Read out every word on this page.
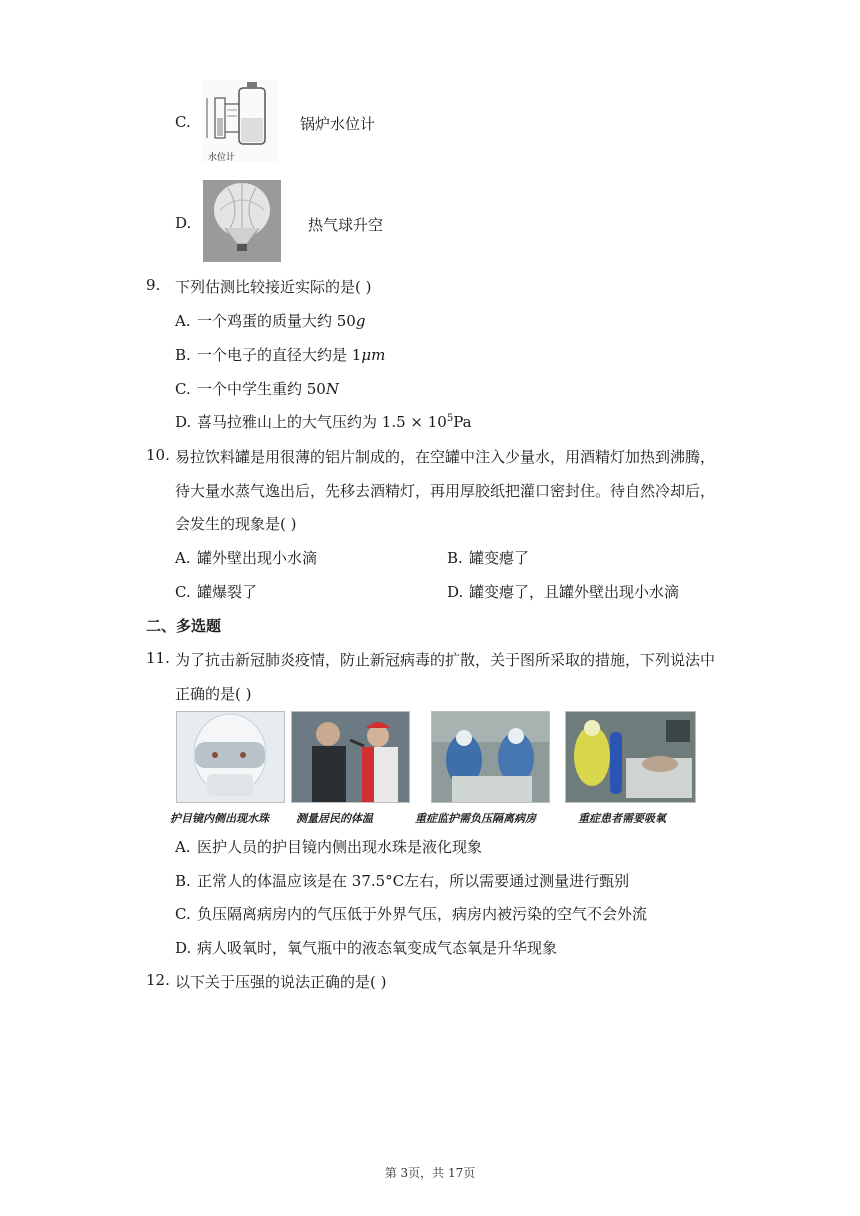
C.
水位计
锅炉水位计
D.	热气球升空
9. 下列估测比较接近实际的是( )
A. 一个鸡蛋的质量大约 50g
B. 一个电子的直径大约是 1μm
C. 一个中学生重约 50N
D. 喜马拉雅山上的大气压约为 $1.5 \times 10^5Pa$
10. 易拉饮料罐是用很薄的铝片制成的，在空罐中注入少量水，用酒精灯加热到沸腾，
待大量水蒸气逸出后，先移去酒精灯，再用厚胶纸把灌口密封住。待自然冷却后，
会发生的现象是( )
A. 罐外壁出现小水滴	B. 罐变瘪了
C. 罐爆裂了	D. 罐变瘪了，且罐外壁出现小水滴
二、多选题
11. 为了抗击新冠肺炎疫情，防止新冠病毒的扩散，关于图所采取的措施，下列说法中
正确的是( )
护目镜内侧出现水珠 测量居民的体温	重症监护需负压隔离病房	重症患者需要吸氧
A. 医护人员的护目镜内侧出现水珠是液化现象
B. 正常人的体温应该是在 37.5°C左右，所以需要通过测量进行甄别
C. 负压隔离病房内的气压低于外界气压，病房内被污染的空气不会外流
D. 病人吸氧时，氧气瓶中的液态氧变成气态氧是升华现象
12. 以下关于压强的说法正确的是( )
第 3页，共 17页
